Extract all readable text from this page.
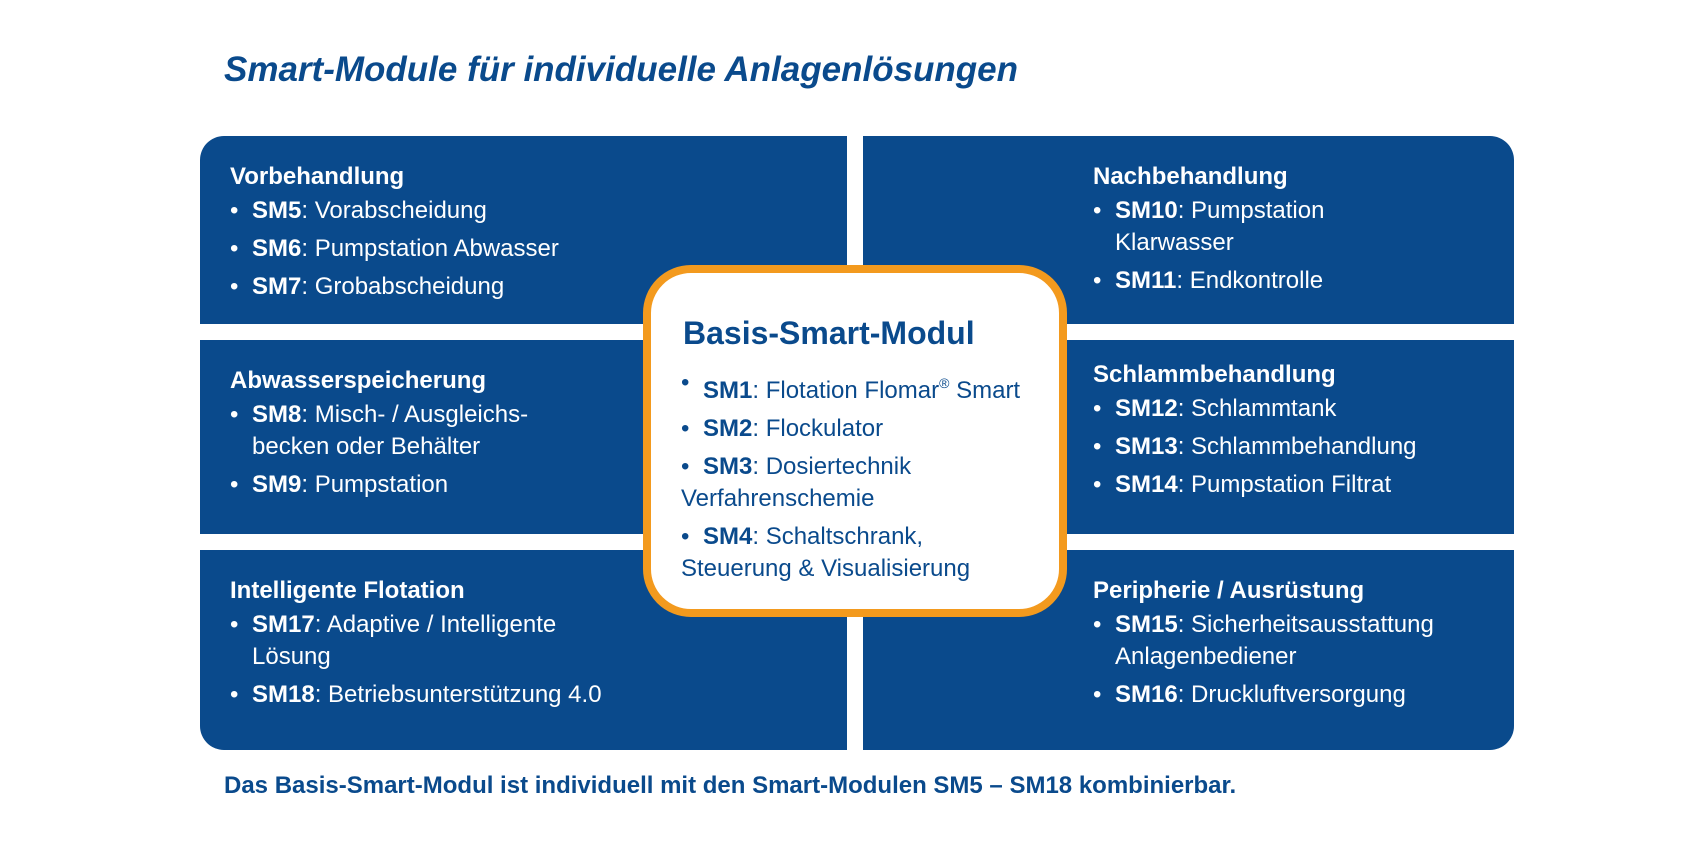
Smart-Module für individuelle Anlagenlösungen
Vorbehandlung
• SM5: Vorabscheidung
• SM6: Pumpstation Abwasser
• SM7: Grobabscheidung
Abwasserspeicherung
• SM8: Misch- / Ausgleichs-
becken oder Behälter
• SM9: Pumpstation
Intelligente Flotation
• SM17: Adaptive / Intelligente
Lösung
• SM18: Betriebsunterstützung 4.0
Nachbehandlung
• SM10: Pumpstation
Klarwasser
• SM11: Endkontrolle
Schlammbehandlung
• SM12: Schlammtank
• SM13: Schlammbehandlung
• SM14: Pumpstation Filtrat
Peripherie / Ausrüstung
• SM15: Sicherheitsausstattung
Anlagenbediener
• SM16: Druckluftversorgung
Basis-Smart-Modul
• SM1: Flotation Flomar® Smart
• SM2: Flockulator
• SM3: Dosiertechnik
Verfahrenschemie
• SM4: Schaltschrank,
Steuerung & Visualisierung

Das Basis-Smart-Modul ist individuell mit den Smart-Modulen SM5 – SM18 kombinierbar.
